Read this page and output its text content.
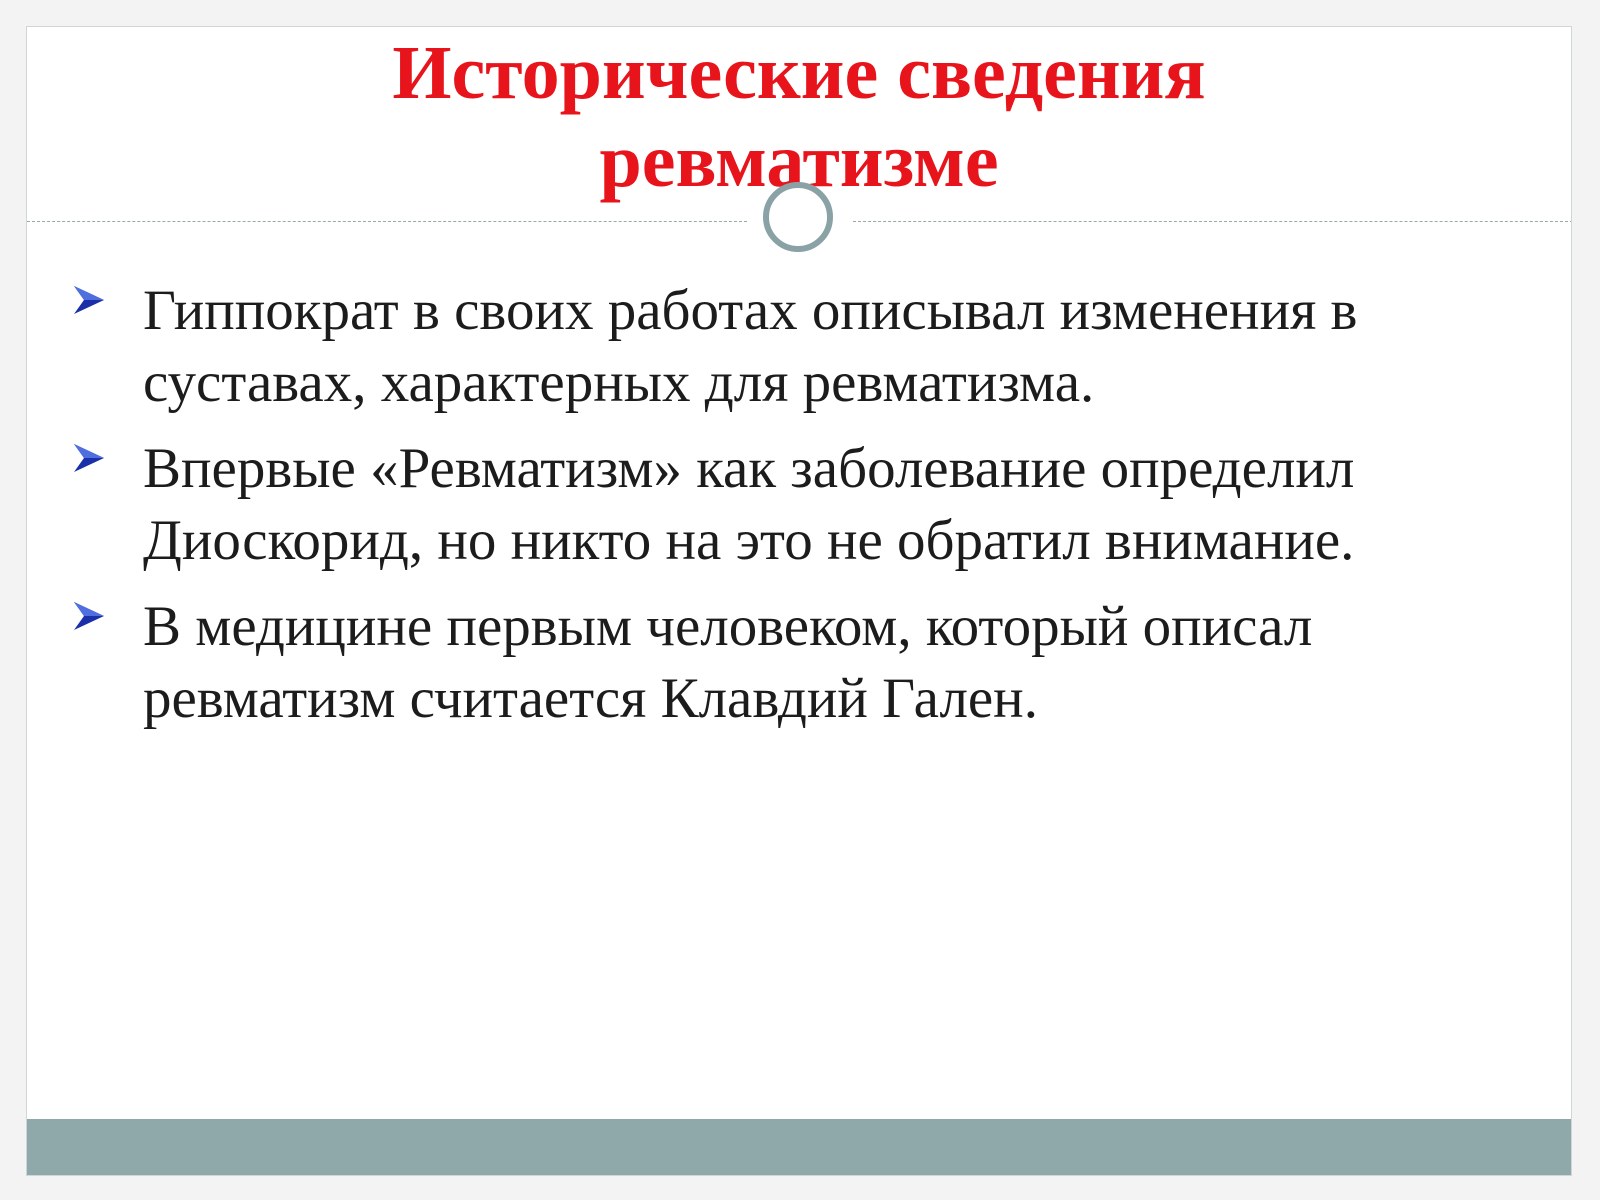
Исторические сведения
ревматизме
Гиппократ в своих работах описывал изменения в суставах, характерных для ревматизма.
Впервые «Ревматизм» как заболевание определил Диоскорид, но никто на это не обратил внимание.
В медицине первым человеком, который описал ревматизм считается Клавдий Гален.
